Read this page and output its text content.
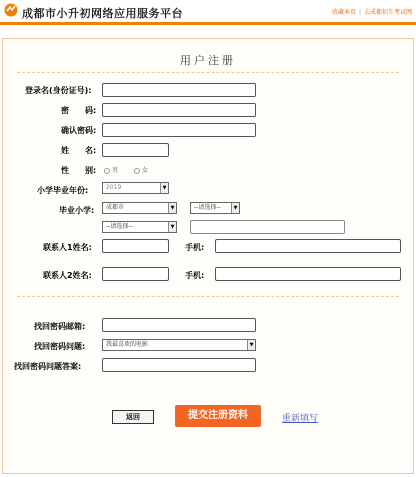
成都市小升初网络应用服务平台	收藏本页 | 去成都招生考试网
用户注册
登录名(身份证号):
密　　码:
确认密码:
姓　　名:
性　　别:	男	女
小学毕业年份:	2019	▼
毕业小学:	成都市	▼	--请选择--	▼
--请选择--	▼
联系人1姓名:	手机:
联系人2姓名:	手机:
找回密码邮箱:
找回密码问题:	我最喜欢的电影	▼
找回密码问题答案:
返回	提交注册资料	重新填写
